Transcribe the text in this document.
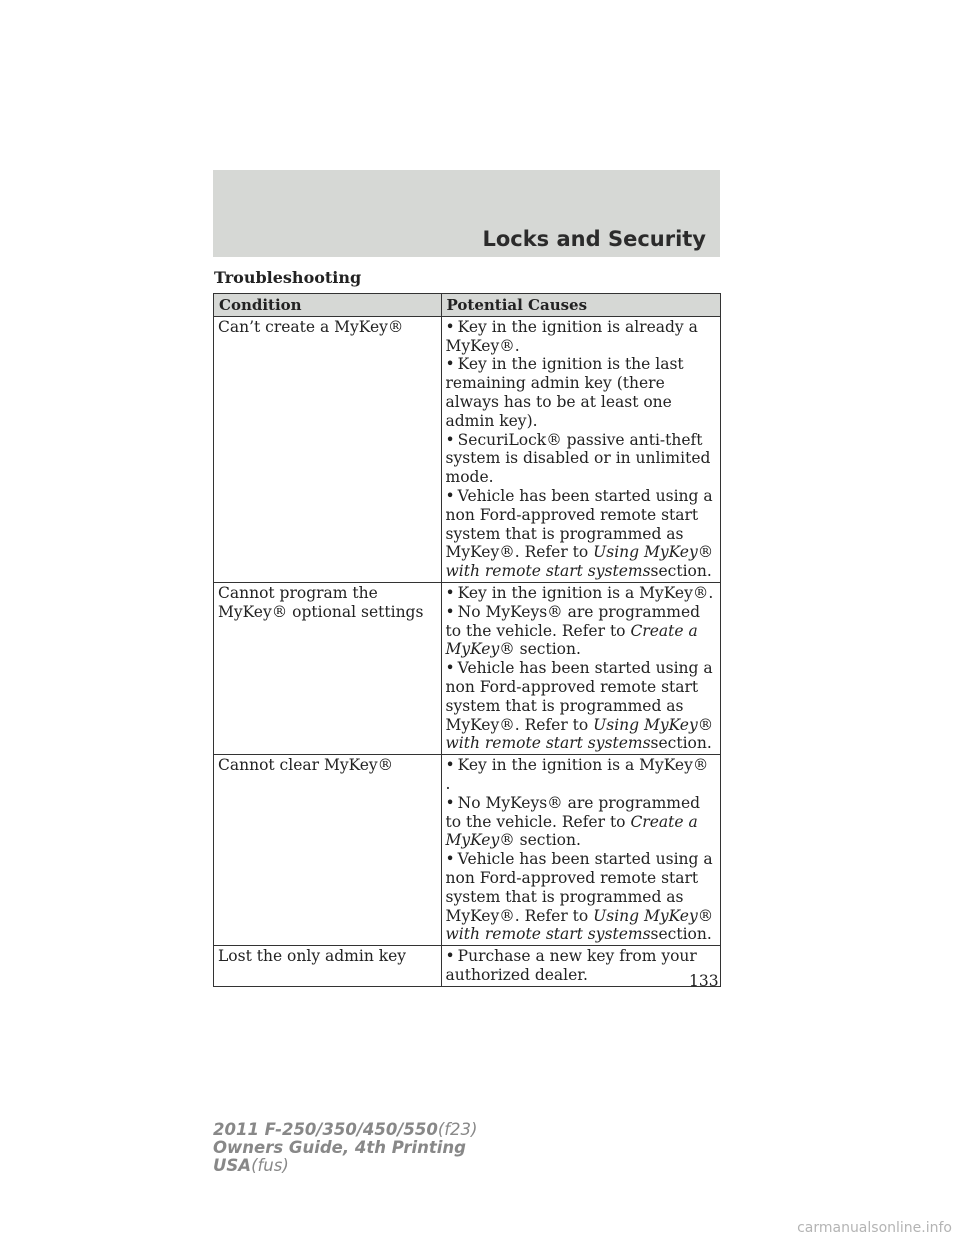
Locks and Security
Troubleshooting
Condition	Potential Causes
Can’t create a MyKey®	• Key in the ignition is already a MyKey®.
• Key in the ignition is the last remaining admin key (there always has to be at least one admin key).
• SecuriLock® passive anti-theft system is disabled or in unlimited mode.
• Vehicle has been started using a non Ford-approved remote start system that is programmed as MyKey®. Refer to Using MyKey® with remote start systemssection.

Cannot program the MyKey® optional settings	• Key in the ignition is a MyKey®.
• No MyKeys® are programmed to the vehicle. Refer to Create a MyKey® section.
• Vehicle has been started using a non Ford-approved remote start system that is programmed as MyKey®. Refer to Using MyKey® with remote start systemssection.

Cannot clear MyKey®	• Key in the ignition is a MyKey® .
• No MyKeys® are programmed to the vehicle. Refer to Create a MyKey® section.
• Vehicle has been started using a non Ford-approved remote start system that is programmed as MyKey®. Refer to Using MyKey® with remote start systemssection.

Lost the only admin key	• Purchase a new key from your authorized dealer.	133
2011 F-250/350/450/550(f23)
Owners Guide, 4th Printing
USA(fus)
carmanualsonline.info
